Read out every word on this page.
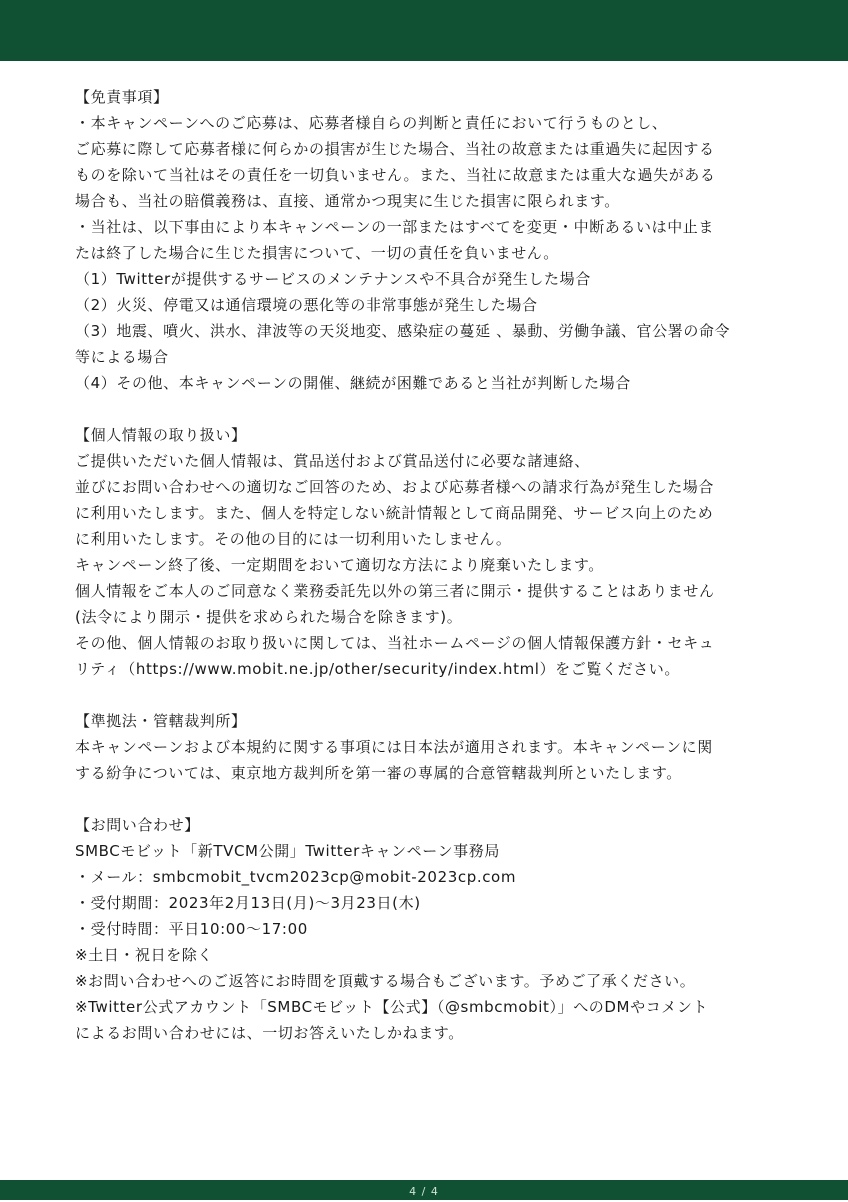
【免責事項】
・本キャンペーンへのご応募は、応募者様自らの判断と責任において行うものとし、
ご応募に際して応募者様に何らかの損害が生じた場合、当社の故意または重過失に起因する
ものを除いて当社はその責任を一切負いません。また、当社に故意または重大な過失がある
場合も、当社の賠償義務は、直接、通常かつ現実に生じた損害に限られます。
・当社は、以下事由により本キャンペーンの一部またはすべてを変更・中断あるいは中止ま
たは終了した場合に生じた損害について、一切の責任を負いません。
（1）Twitterが提供するサービスのメンテナンスや不具合が発生した場合
（2）火災、停電又は通信環境の悪化等の非常事態が発生した場合
（3）地震、噴火、洪水、津波等の天災地変、感染症の蔓延 、暴動、労働争議、官公署の命令
等による場合
（4）その他、本キャンペーンの開催、継続が困難であると当社が判断した場合
【個人情報の取り扱い】
ご提供いただいた個人情報は、賞品送付および賞品送付に必要な諸連絡、
並びにお問い合わせへの適切なご回答のため、および応募者様への請求行為が発生した場合
に利用いたします。また、個人を特定しない統計情報として商品開発、サービス向上のため
に利用いたします。その他の目的には一切利用いたしません。
キャンペーン終了後、一定期間をおいて適切な方法により廃棄いたします。
個人情報をご本人のご同意なく業務委託先以外の第三者に開示・提供することはありません
(法令により開示・提供を求められた場合を除きます)。
その他、個人情報のお取り扱いに関しては、当社ホームページの個人情報保護方針・セキュ
リティ（https://www.mobit.ne.jp/other/security/index.html）をご覧ください。
【準拠法・管轄裁判所】
本キャンペーンおよび本規約に関する事項には日本法が適用されます。本キャンペーンに関
する紛争については、東京地方裁判所を第一審の専属的合意管轄裁判所といたします。
【お問い合わせ】
SMBCモビット「新TVCM公開」Twitterキャンペーン事務局
・メール：smbcmobit_tvcm2023cp@mobit-2023cp.com
・受付期間：2023年2月13日(月)〜3月23日(木)
・受付時間：平日10:00〜17:00
※土日・祝日を除く
※お問い合わせへのご返答にお時間を頂戴する場合もございます。予めご了承ください。
※Twitter公式アカウント「SMBCモビット【公式】（@smbcmobit）」へのDMやコメント
によるお問い合わせには、一切お答えいたしかねます。
4 / 4
